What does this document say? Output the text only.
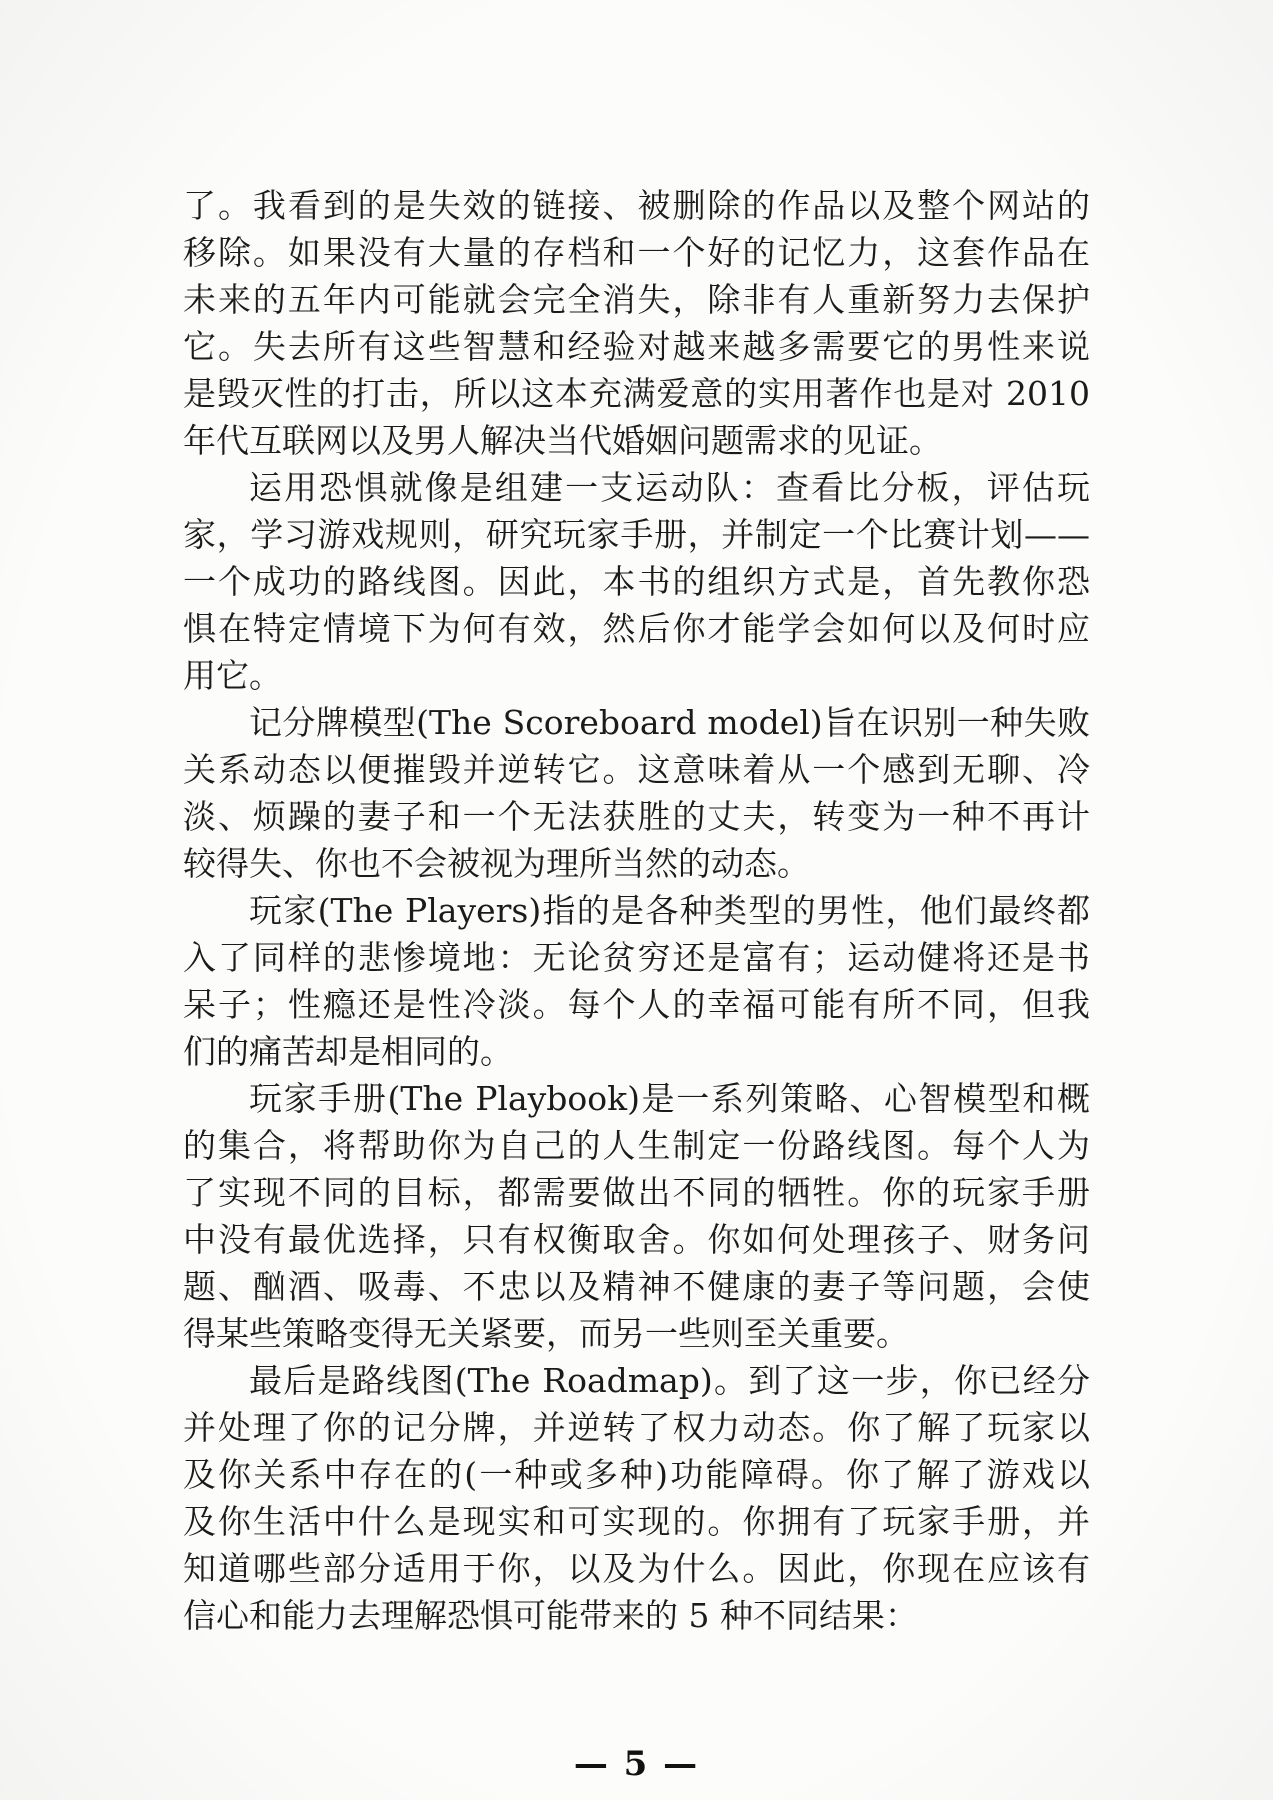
了。我看到的是失效的链接、被删除的作品以及整个网站的
移除。如果没有大量的存档和一个好的记忆力，这套作品在
未来的五年内可能就会完全消失，除非有人重新努力去保护
它。失去所有这些智慧和经验对越来越多需要它的男性来说
是毁灭性的打击，所以这本充满爱意的实用著作也是对 2010
年代互联网以及男人解决当代婚姻问题需求的见证。
运用恐惧就像是组建一支运动队：查看比分板，评估玩
家，学习游戏规则，研究玩家手册，并制定一个比赛计划——
一个成功的路线图。因此，本书的组织方式是，首先教你恐
惧在特定情境下为何有效，然后你才能学会如何以及何时应
用它。
记分牌模型(The Scoreboard model)旨在识别一种失败
关系动态以便摧毁并逆转它。这意味着从一个感到无聊、冷
淡、烦躁的妻子和一个无法获胜的丈夫，转变为一种不再计
较得失、你也不会被视为理所当然的动态。
玩家(The Players)指的是各种类型的男性，他们最终都
入了同样的悲惨境地：无论贫穷还是富有；运动健将还是书
呆子；性瘾还是性冷淡。每个人的幸福可能有所不同，但我
们的痛苦却是相同的。
玩家手册(The Playbook)是一系列策略、心智模型和概
的集合，将帮助你为自己的人生制定一份路线图。每个人为
了实现不同的目标，都需要做出不同的牺牲。你的玩家手册
中没有最优选择，只有权衡取舍。你如何处理孩子、财务问
题、酗酒、吸毒、不忠以及精神不健康的妻子等问题，会使
得某些策略变得无关紧要，而另一些则至关重要。
最后是路线图(The Roadmap)。到了这一步，你已经分
并处理了你的记分牌，并逆转了权力动态。你了解了玩家以
及你关系中存在的(一种或多种)功能障碍。你了解了游戏以
及你生活中什么是现实和可实现的。你拥有了玩家手册，并
知道哪些部分适用于你，以及为什么。因此，你现在应该有
信心和能力去理解恐惧可能带来的 5 种不同结果：
— 5 —
